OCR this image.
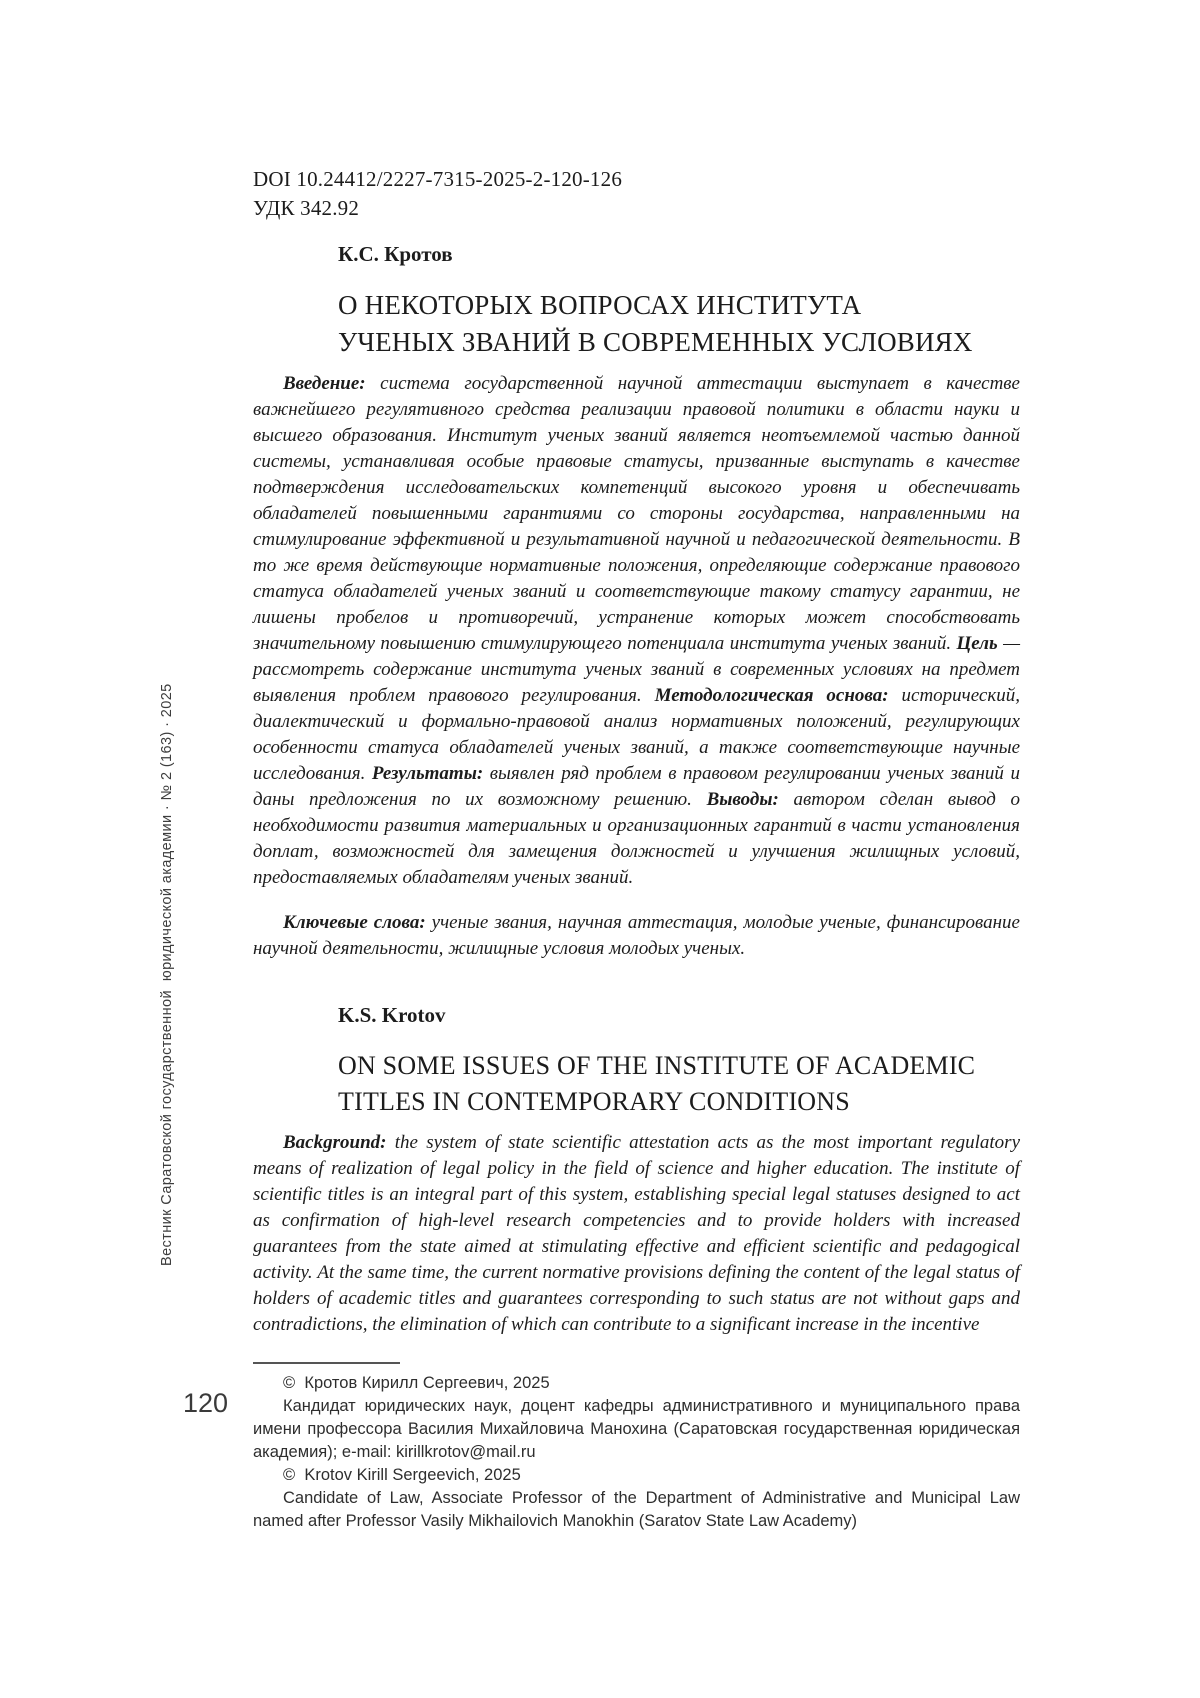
Вестник Саратовской государственной  юридической академии · № 2 (163) · 2025
120
DOI 10.24412/2227-7315-2025-2-120-126
УДК 342.92
К.С. Кротов
О НЕКОТОРЫХ ВОПРОСАХ ИНСТИТУТА
УЧЕНЫХ ЗВАНИЙ В СОВРЕМЕННЫХ УСЛОВИЯХ

Введение: система государственной научной аттестации выступает в качестве важнейшего регулятивного средства реализации правовой политики в области науки и высшего образования. Институт ученых званий является неотъемлемой частью данной системы, устанавливая особые правовые статусы, призванные выступать в качестве подтверждения исследовательских компетенций высокого уровня и обеспечивать обладателей повышенными гарантиями со стороны государства, направленными на стимулирование эффективной и результативной научной и педагогической деятельности. В то же время действующие нормативные положения, определяющие содержание правового статуса обладателей ученых званий и соответствующие такому статусу гарантии, не лишены пробелов и противоречий, устранение которых может способствовать значительному повышению стимулирующего потенциала института ученых званий. Цель — рассмотреть содержание института ученых званий в современных условиях на предмет выявления проблем правового регулирования. Методологическая основа: исторический, диалектический и формально-правовой анализ нормативных положений, регулирующих особенности статуса обладателей ученых званий, а также соответствующие научные исследования. Результаты: выявлен ряд проблем в правовом регулировании ученых званий и даны предложения по их возможному решению. Выводы: автором сделан вывод о необходимости развития материальных и организационных гарантий в части установления доплат, возможностей для замещения должностей и улучшения жилищных условий, предоставляемых обладателям ученых званий.

Ключевые слова: ученые звания, научная аттестация, молодые ученые, финансирование научной деятельности, жилищные условия молодых ученых.

K.S. Krotov
ON SOME ISSUES OF THE INSTITUTE OF ACADEMIC
TITLES IN CONTEMPORARY CONDITIONS

Background: the system of state scientific attestation acts as the most important regulatory means of realization of legal policy in the field of science and higher education. The institute of scientific titles is an integral part of this system, establishing special legal statuses designed to act as confirmation of high-level research competencies and to provide holders with increased guarantees from the state aimed at stimulating effective and efficient scientific and pedagogical activity. At the same time, the current normative provisions defining the content of the legal status of holders of academic titles and guarantees corresponding to such status are not without gaps and contradictions, the elimination of which can contribute to a significant increase in the incentive

©  Кротов Кирилл Сергеевич, 2025

Кандидат юридических наук, доцент кафедры административного и муниципального права имени профессора Василия Михайловича Манохина (Саратовская государственная юридическая академия); e-mail: kirillkrotov@mail.ru

©  Krotov Kirill Sergeevich, 2025

Candidate of Law, Associate Professor of the Department of Administrative and Municipal Law named after Professor Vasily Mikhailovich Manokhin (Saratov State Law Academy)
